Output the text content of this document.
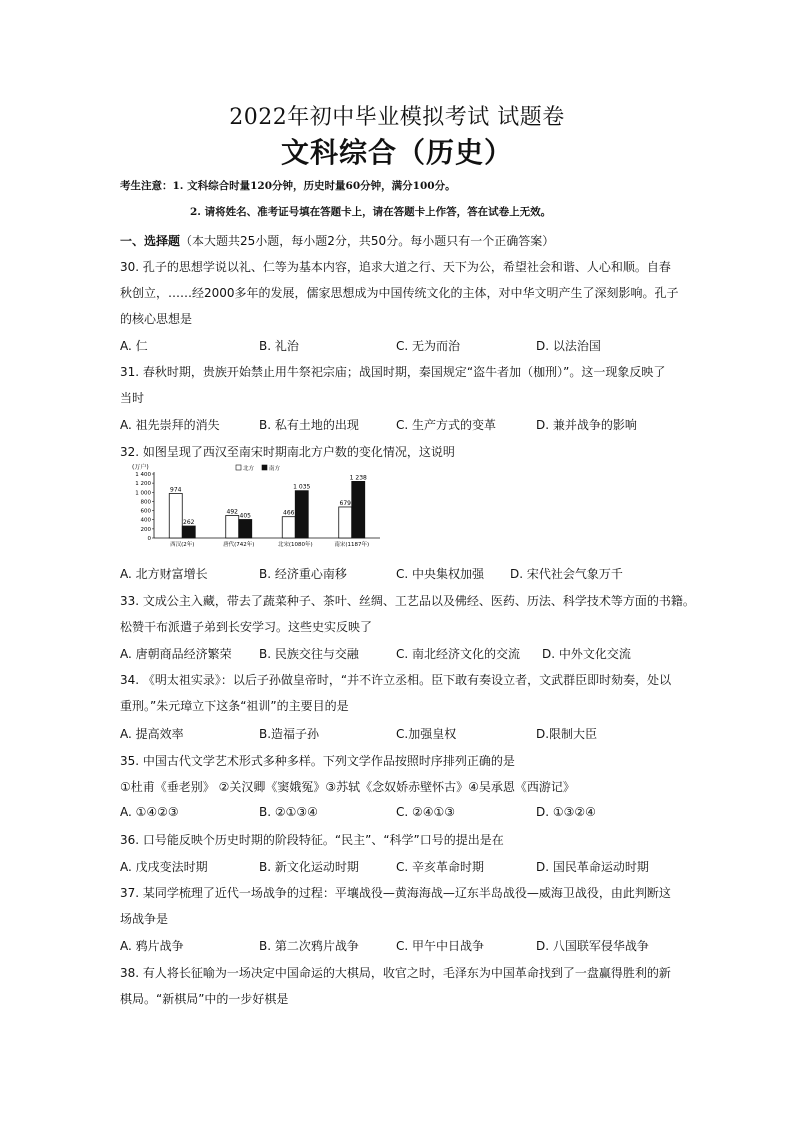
2022年初中毕业模拟考试 试题卷
文科综合（历史）
考生注意：1. 文科综合时量120分钟，历史时量60分钟，满分100分。
2. 请将姓名、准考证号填在答题卡上，请在答题卡上作答，答在试卷上无效。
一、选择题（本大题共25小题，每小题2分，共50分。每小题只有一个正确答案）
30. 孔子的思想学说以礼、仁等为基本内容，追求大道之行、天下为公，希望社会和谐、人心和顺。自春
秋创立，……经2000多年的发展，儒家思想成为中国传统文化的主体，对中华文明产生了深刻影响。孔子
的核心思想是
A. 仁	B. 礼治	C. 无为而治	D. 以法治国
31. 春秋时期，贵族开始禁止用牛祭祀宗庙；战国时期，秦国规定“盗牛者加（枷刑）”。这一现象反映了
当时
A. 祖先崇拜的消失	B. 私有土地的出现	C. 生产方式的变革	D. 兼并战争的影响
32. 如图呈现了西汉至南宋时期南北方户数的变化情况，这说明
(万户)
0
200
400
600
800
1 000
1 200
1 400
北方	南方
974
262
西汉(2年)
492
405
唐代(742年)
466
1 035
北宋(1080年)
679
1 238
南宋(1187年)
A. 北方财富增长	B. 经济重心南移	C. 中央集权加强 D. 宋代社会气象万千
33. 文成公主入藏，带去了蔬菜种子、茶叶、丝绸、工艺品以及佛经、医药、历法、科学技术等方面的书籍。
松赞干布派遣子弟到长安学习。这些史实反映了
A. 唐朝商品经济繁荣 B. 民族交往与交融	C. 南北经济文化的交流 D. 中外文化交流
34. 《明太祖实录》：以后子孙做皇帝时，“并不许立丞相。臣下敢有奏设立者，文武群臣即时劾奏，处以
重刑。”朱元璋立下这条“祖训”的主要目的是
A. 提高效率	B.造福子孙	C.加强皇权	D.限制大臣
35. 中国古代文学艺术形式多种多样。下列文学作品按照时序排列正确的是
①杜甫《垂老别》 ②关汉卿《窦娥冤》③苏轼《念奴娇赤壁怀古》④吴承恩《西游记》
A. ①④②③	B. ②①③④	C. ②④①③	D. ①③②④
36. 口号能反映个历史时期的阶段特征。“民主”、“科学”口号的提出是在
A. 戊戌变法时期	B. 新文化运动时期	C. 辛亥革命时期	D. 国民革命运动时期
37. 某同学梳理了近代一场战争的过程：平壤战役—黄海海战—辽东半岛战役—威海卫战役，由此判断这
场战争是
A. 鸦片战争	B. 第二次鸦片战争	C. 甲午中日战争	D. 八国联军侵华战争
38. 有人将长征喻为一场决定中国命运的大棋局，收官之时，毛泽东为中国革命找到了一盘赢得胜利的新
棋局。“新棋局”中的一步好棋是
